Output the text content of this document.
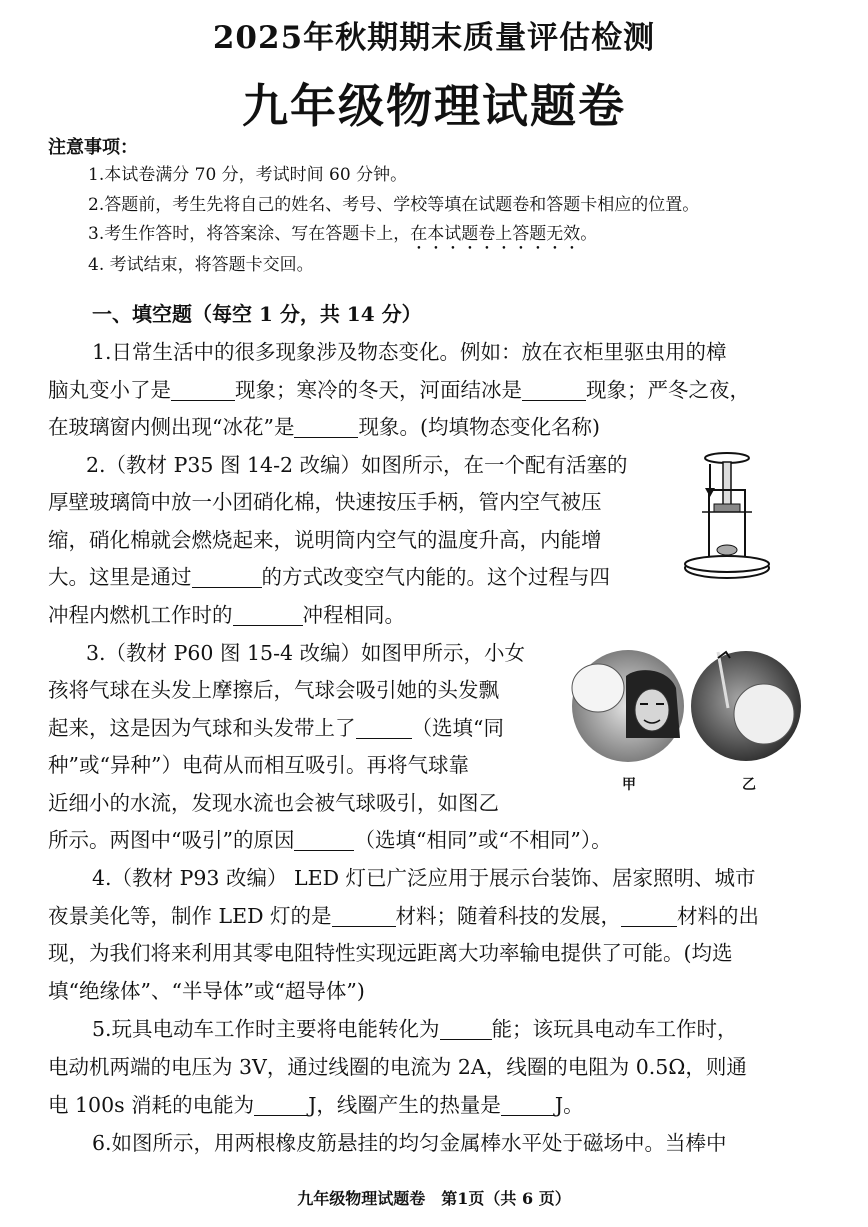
2025年秋期期末质量评估检测
九年级物理试题卷
注意事项：
1.本试卷满分 70 分，考试时间 60 分钟。
2.答题前，考生先将自己的姓名、考号、学校等填在试题卷和答题卡相应的位置。
3.考生作答时，将答案涂、写在答题卡上，在本试题卷上答题无效。
4. 考试结束，将答题卡交回。
一、填空题（每空 1 分，共 14 分）
1.日常生活中的很多现象涉及物态变化。例如：放在衣柜里驱虫用的樟
脑丸变小了是	现象；寒冷的冬天，河面结冰是	现象；严冬之夜，
在玻璃窗内侧出现“冰花”是	现象。(均填物态变化名称)
2.（教材 P35 图 14-2 改编）如图所示，在一个配有活塞的
厚壁玻璃筒中放一小团硝化棉，快速按压手柄，管内空气被压
缩，硝化棉就会燃烧起来，说明筒内空气的温度升高，内能增
大。这里是通过	的方式改变空气内能的。这个过程与四
冲程内燃机工作时的	冲程相同。
3.（教材 P60 图 15-4 改编）如图甲所示，小女
孩将气球在头发上摩擦后，气球会吸引她的头发飘
起来，这是因为气球和头发带上了	（选填“同
种”或“异种”）电荷从而相互吸引。再将气球靠
近细小的水流，发现水流也会被气球吸引，如图乙
所示。两图中“吸引”的原因	（选填“相同”或“不相同”）。
甲	乙
4.（教材 P93 改编） LED 灯已广泛应用于展示台装饰、居家照明、城市
夜景美化等，制作 LED 灯的是	材料；随着科技的发展，	材料的出
现，为我们将来利用其零电阻特性实现远距离大功率输电提供了可能。(均选
填“绝缘体”、“半导体”或“超导体”)
5.玩具电动车工作时主要将电能转化为	能；该玩具电动车工作时，
电动机两端的电压为 3V，通过线圈的电流为 2A，线圈的电阻为 0.5Ω，则通
电 100s 消耗的电能为	J，线圈产生的热量是	J。
6.如图所示，用两根橡皮筋悬挂的均匀金属棒水平处于磁场中。当棒中
九年级物理试题卷　第1页（共 6 页）
